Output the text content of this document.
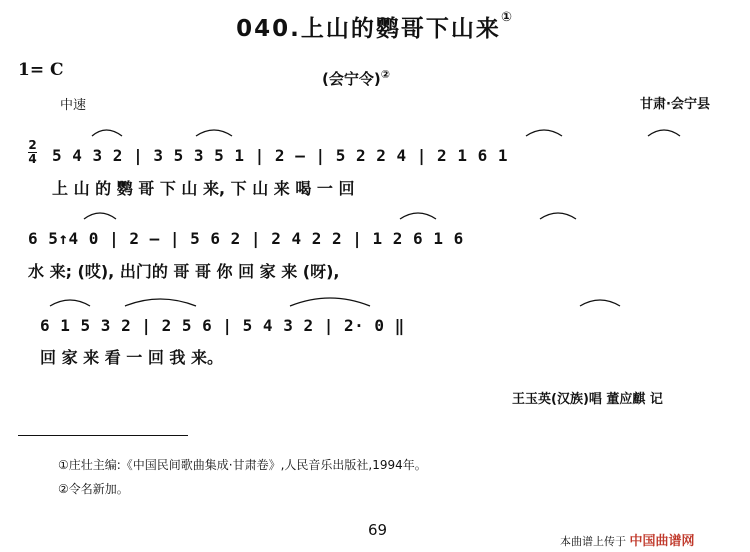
040.上山的鹦哥下山来①
1= C	(会宁令)②
中速	甘肃·会宁县
2
4 5 4 3 2 | 3 5 3 5 1 | 2 – | 5 2 2 4 | 2 1 6 1
上 山 的 鹦 哥 下 山 来, 下 山 来 喝 一 回
6 5↑4 0 | 2 – | 5 6 2 | 2 4 2 2 | 1 2 6 1 6
水 来; (哎), 出门的 哥 哥 你 回 家 来 (呀),
6 1 5 3 2 | 2 5 6 | 5 4 3 2 | 2· 0 ‖
回 家 来 看 一 回 我 来。
王玉英(汉族)唱 董应麒 记
①庄壮主编:《中国民间歌曲集成·甘肃卷》,人民音乐出版社,1994年。
②令名新加。
69
本曲谱上传于 中国曲谱网
